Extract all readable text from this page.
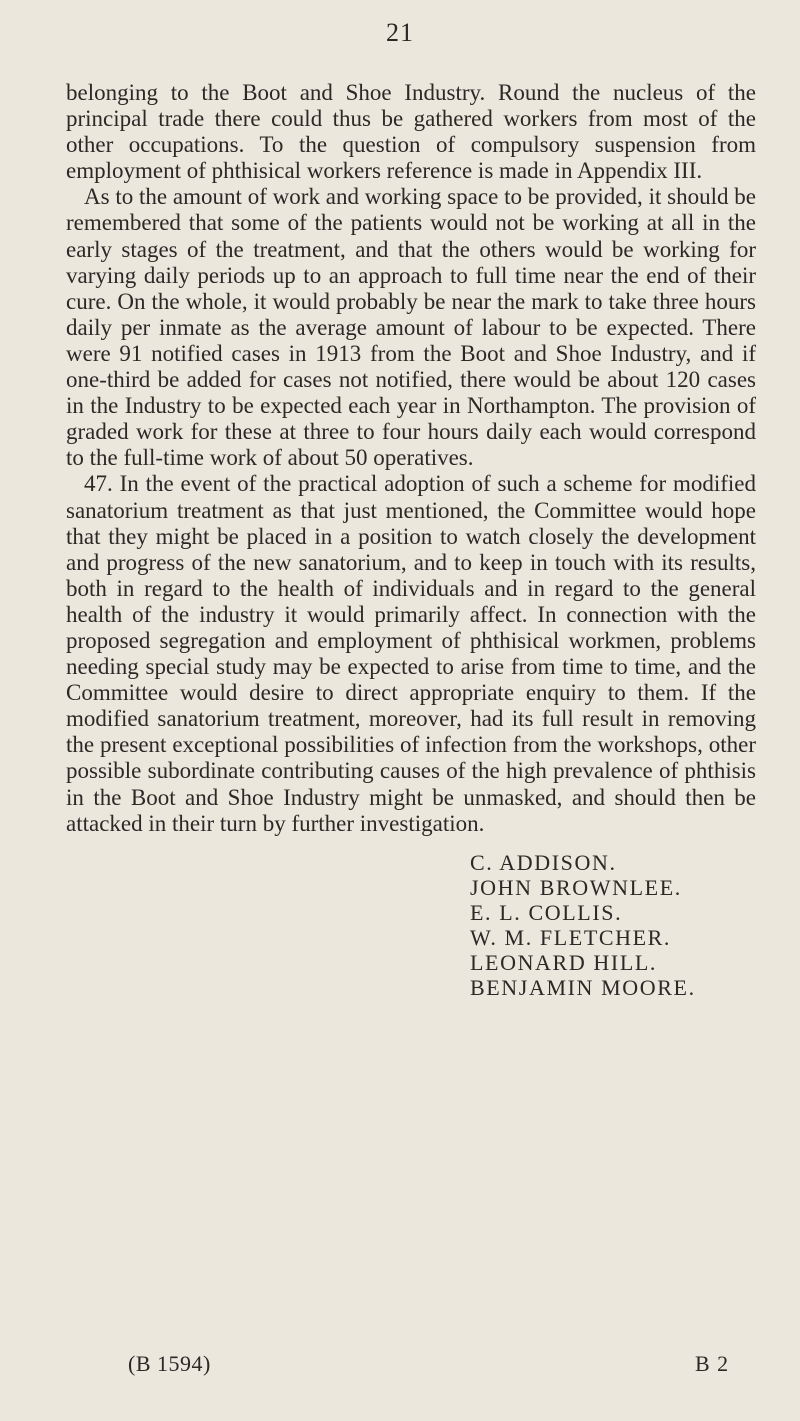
21

belonging to the Boot and Shoe Industry. Round the nucleus of the principal trade there could thus be gathered workers from most of the other occupations. To the question of compulsory suspension from employment of phthisical workers reference is made in Appendix III.

As to the amount of work and working space to be provided, it should be remembered that some of the patients would not be working at all in the early stages of the treatment, and that the others would be working for varying daily periods up to an approach to full time near the end of their cure. On the whole, it would probably be near the mark to take three hours daily per inmate as the average amount of labour to be expected. There were 91 notified cases in 1913 from the Boot and Shoe Industry, and if one-third be added for cases not notified, there would be about 120 cases in the Industry to be expected each year in Northampton. The provision of graded work for these at three to four hours daily each would correspond to the full-time work of about 50 operatives.

47. In the event of the practical adoption of such a scheme for modified sanatorium treatment as that just mentioned, the Committee would hope that they might be placed in a position to watch closely the development and progress of the new sanatorium, and to keep in touch with its results, both in regard to the health of individuals and in regard to the general health of the industry it would primarily affect. In connection with the proposed segregation and employment of phthisical workmen, problems needing special study may be expected to arise from time to time, and the Committee would desire to direct appropriate enquiry to them. If the modified sanatorium treatment, moreover, had its full result in removing the present exceptional possibilities of infection from the workshops, other possible subordinate contributing causes of the high prevalence of phthisis in the Boot and Shoe Industry might be unmasked, and should then be attacked in their turn by further investigation.

C. ADDISON.
JOHN BROWNLEE.
E. L. COLLIS.
W. M. FLETCHER.
LEONARD HILL.
BENJAMIN MOORE.
(B 1594)	B 2
